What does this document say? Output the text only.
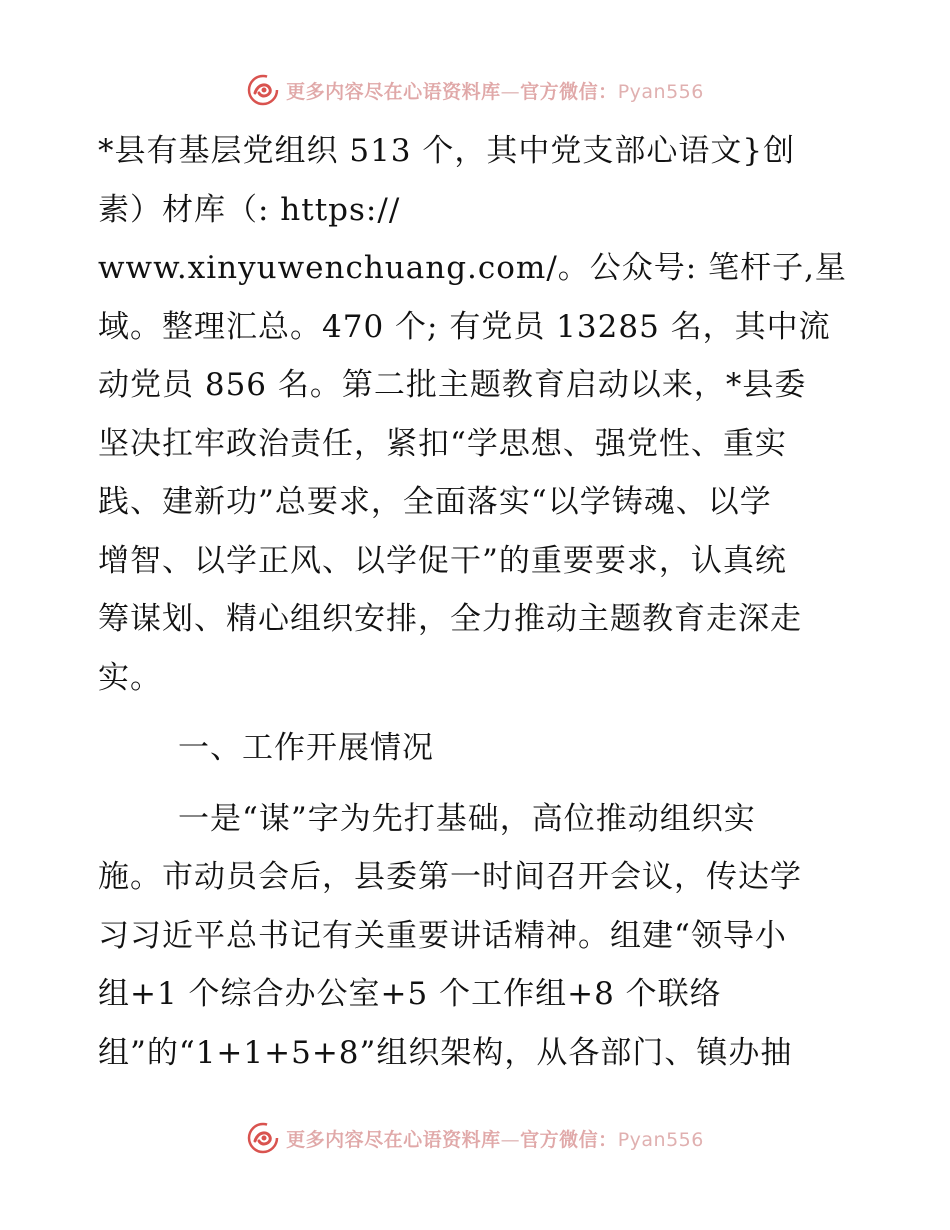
更多内容尽在心语资料库—官方微信：Pyan556
*县有基层党组织 513 个，其中党支部心语文}创
素）材库（: https://
www.xinyuwenchuang.com/。公众号: 笔杆子,星
域。整理汇总。470 个; 有党员 13285 名，其中流
动党员 856 名。第二批主题教育启动以来，*县委
坚决扛牢政治责任，紧扣“学思想、强党性、重实
践、建新功”总要求，全面落实“以学铸魂、以学
增智、以学正风、以学促干”的重要要求，认真统
筹谋划、精心组织安排，全力推动主题教育走深走
实。
一、工作开展情况
一是“谋”字为先打基础，高位推动组织实
施。市动员会后，县委第一时间召开会议，传达学
习习近平总书记有关重要讲话精神。组建“领导小
组+1 个综合办公室+5 个工作组+8 个联络
组”的“1+1+5+8”组织架构，从各部门、镇办抽
更多内容尽在心语资料库—官方微信：Pyan556
